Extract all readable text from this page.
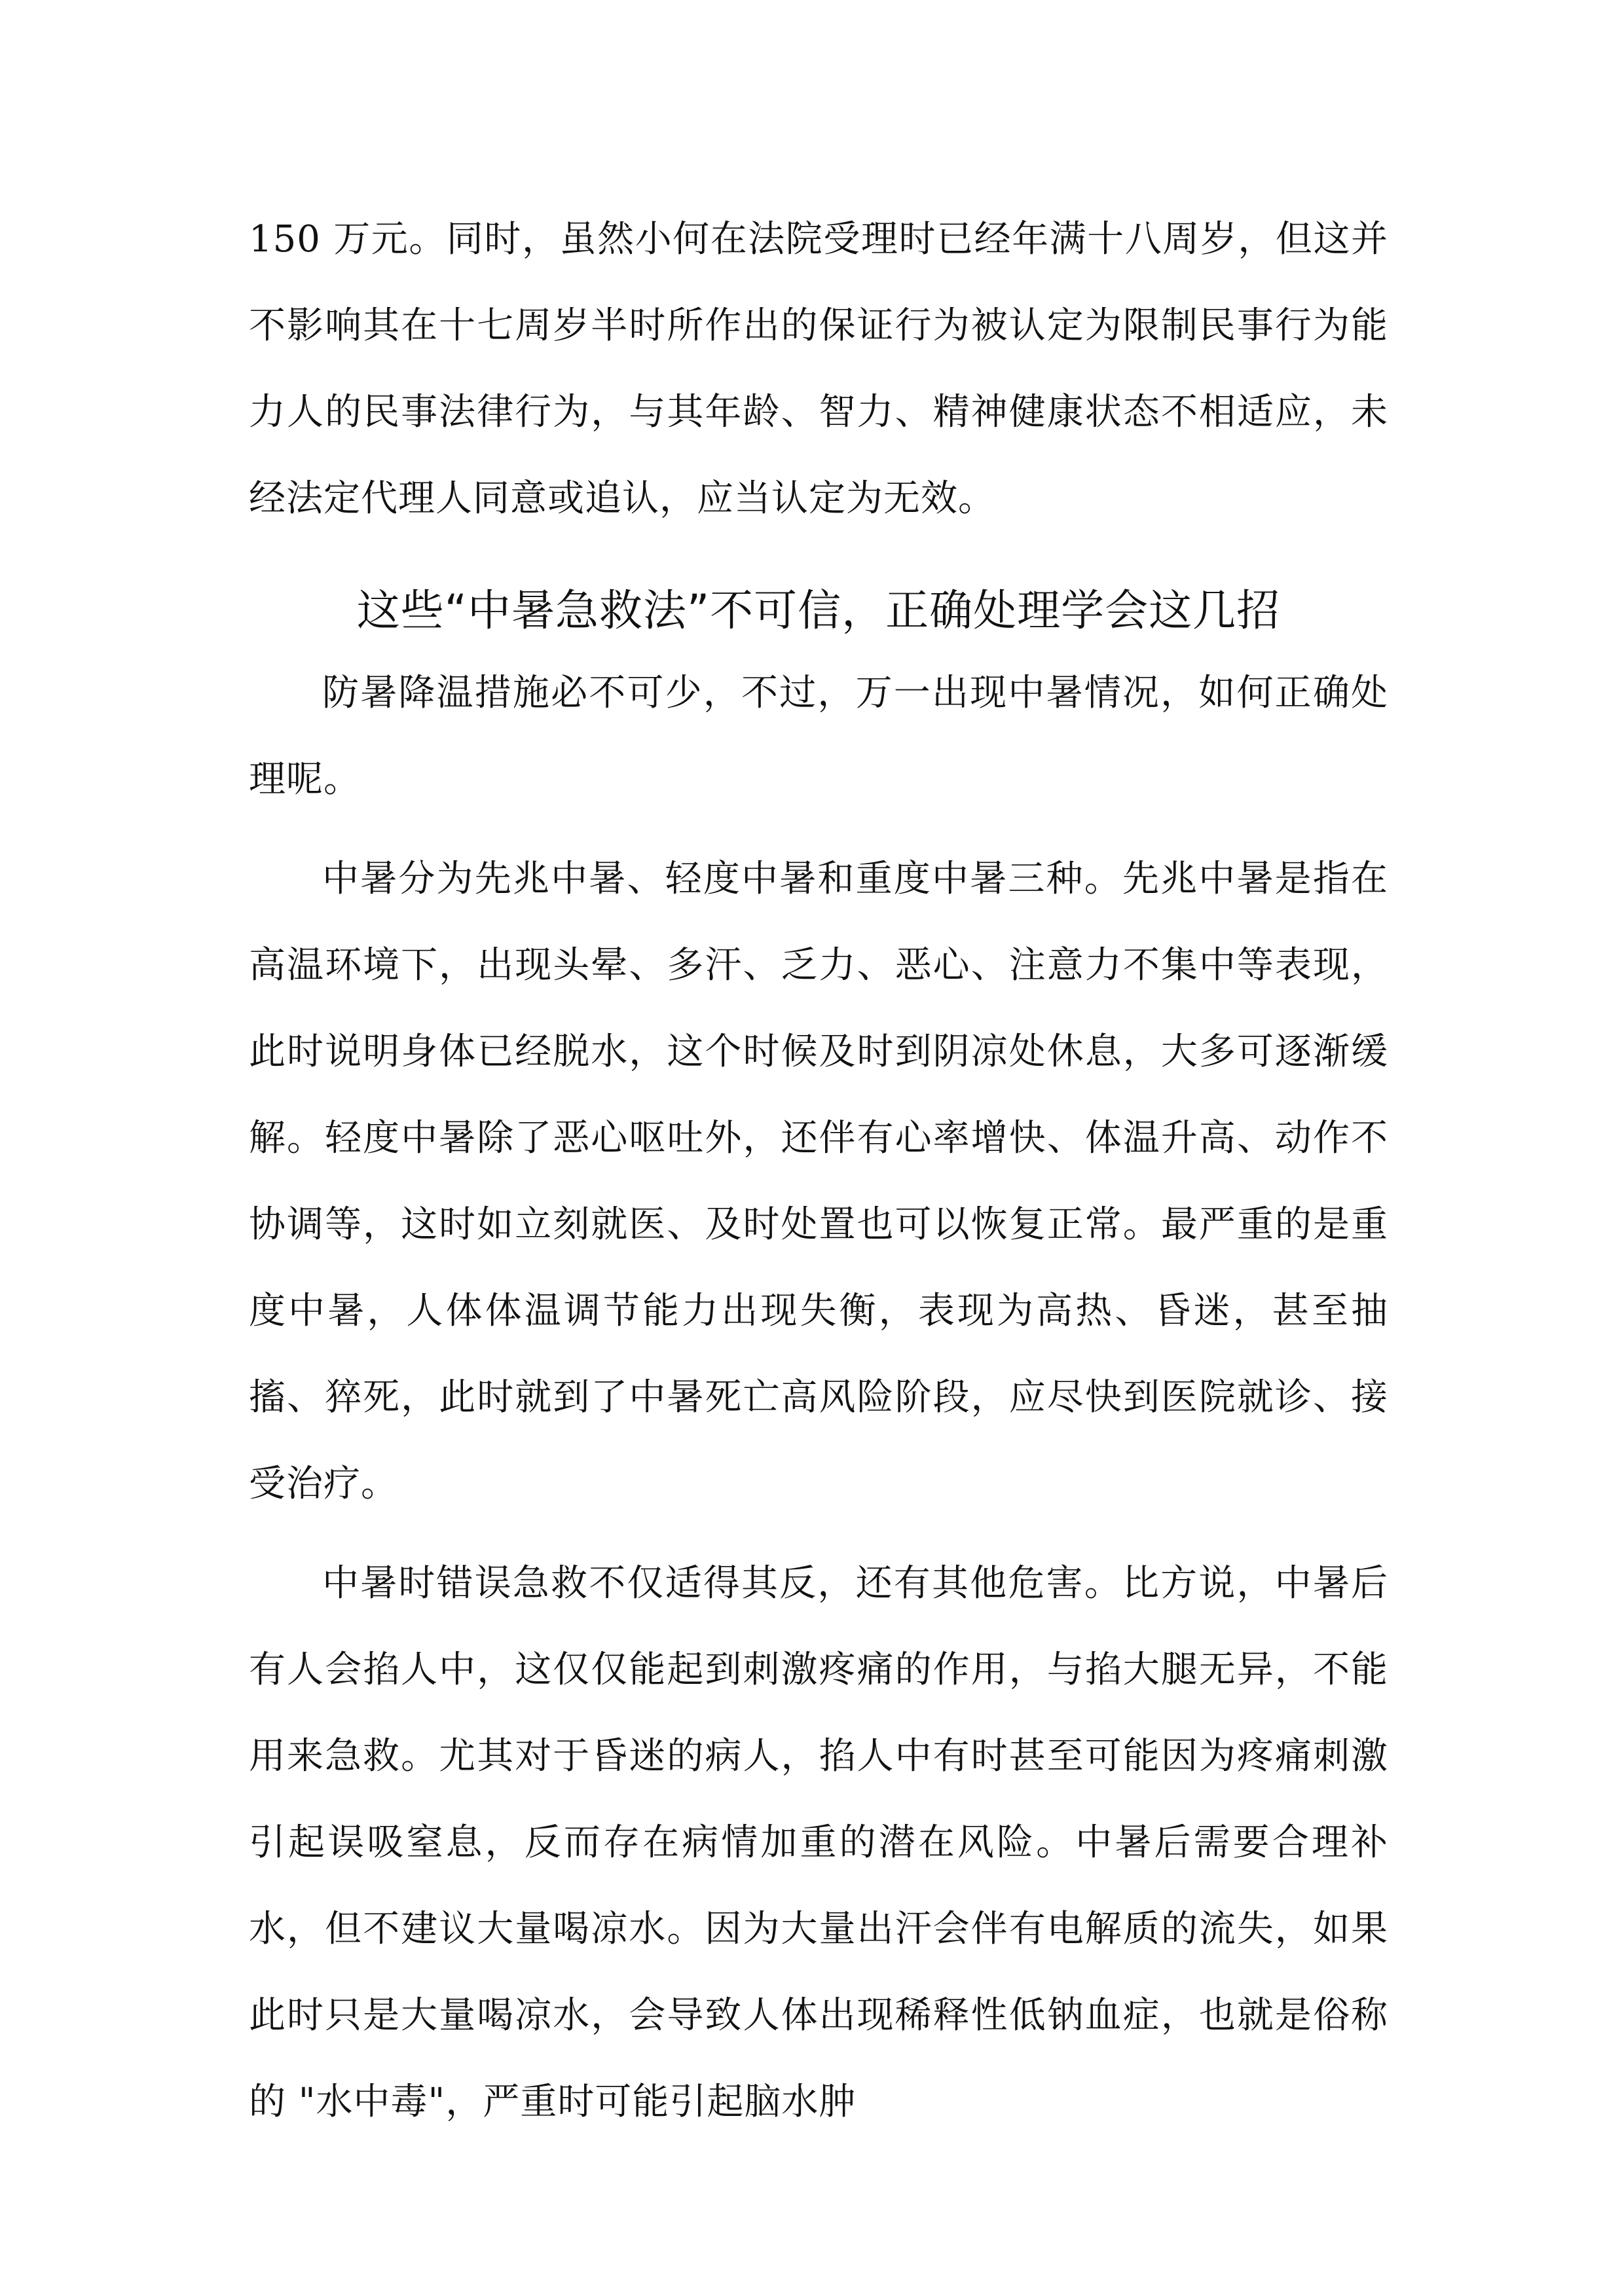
150 万元。同时，虽然小何在法院受理时已经年满十八周岁，但这并不影响其在十七周岁半时所作出的保证行为被认定为限制民事行为能力人的民事法律行为，与其年龄、智力、精神健康状态不相适应，未经法定代理人同意或追认，应当认定为无效。

这些“中暑急救法”不可信，正确处理学会这几招

防暑降温措施必不可少，不过，万一出现中暑情况，如何正确处理呢。

中暑分为先兆中暑、轻度中暑和重度中暑三种。先兆中暑是指在高温环境下，出现头晕、多汗、乏力、恶心、注意力不集中等表现，此时说明身体已经脱水，这个时候及时到阴凉处休息，大多可逐渐缓解。轻度中暑除了恶心呕吐外，还伴有心率增快、体温升高、动作不协调等，这时如立刻就医、及时处置也可以恢复正常。最严重的是重度中暑，人体体温调节能力出现失衡，表现为高热、昏迷，甚至抽搐、猝死，此时就到了中暑死亡高风险阶段，应尽快到医院就诊、接受治疗。

中暑时错误急救不仅适得其反，还有其他危害。比方说，中暑后有人会掐人中，这仅仅能起到刺激疼痛的作用，与掐大腿无异，不能用来急救。尤其对于昏迷的病人，掐人中有时甚至可能因为疼痛刺激引起误吸窒息，反而存在病情加重的潜在风险。中暑后需要合理补水，但不建议大量喝凉水。因为大量出汗会伴有电解质的流失，如果此时只是大量喝凉水，会导致人体出现稀释性低钠血症，也就是俗称的 "水中毒"，严重时可能引起脑水肿
